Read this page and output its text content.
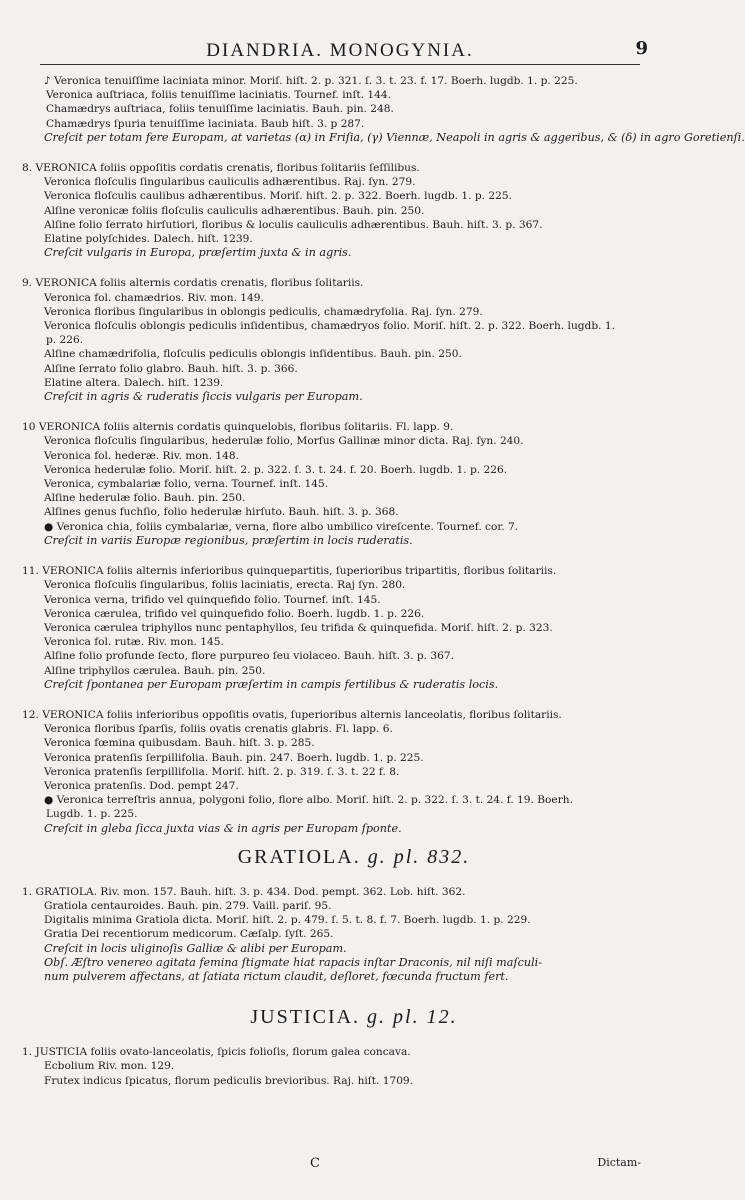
DIANDRIA. MONOGYNIA.	9
♪ Veronica tenuiſſime laciniata minor. Moriſ. hiſt. 2. p. 321. ſ. 3. t. 23. f. 17. Boerh. lugdb. 1. p. 225.
Veronica auſtriaca, foliis tenuiſſime laciniatis. Tournef. inſt. 144.
Chamædrys auſtriaca, foliis tenuiſſime laciniatis. Bauh. pin. 248.
Chamædrys ſpuria tenuiſſime laciniata. Baub hiſt. 3. p 287.
Creſcit per totam fere Europam, at varietas (α) in Friſia, (γ) Viennæ, Neapoli in agris & aggeribus, & (δ) in agro Goretienſi.
8. VERONICA foliis oppoſitis cordatis crenatis, floribus ſolitariis ſeſſilibus.
Veronica floſculis ſingularibus cauliculis adhærentibus. Raj. ſyn. 279.
Veronica floſculis caulibus adhærentibus. Moriſ. hiſt. 2. p. 322. Boerh. lugdb. 1. p. 225.
Alſine veronicæ foliis floſculis cauliculis adhærentibus. Bauh. pin. 250.
Alſine folio ſerrato hirſutiori, floribus & loculis cauliculis adhærentibus. Bauh. hiſt. 3. p. 367.
Elatine polyſchides. Dalech. hiſt. 1239.
Creſcit vulgaris in Europa, præſertim juxta & in agris.
9. VERONICA foliis alternis cordatis crenatis, floribus ſolitariis.
Veronica fol. chamædrios. Riv. mon. 149.
Veronica floribus ſingularibus in oblongis pediculis, chamædryfolia. Raj. ſyn. 279.
Veronica floſculis oblongis pediculis inſidentibus, chamædryos folio. Moriſ. hiſt. 2. p. 322. Boerh. lugdb. 1.
p. 226.
Alſine chamædrifolia, floſculis pediculis oblongis inſidentibus. Bauh. pin. 250.
Alſine ſerrato folio glabro. Bauh. hiſt. 3. p. 366.
Elatine altera. Dalech. hiſt. 1239.
Creſcit in agris & ruderatis ſiccis vulgaris per Europam.
10 VERONICA foliis alternis cordatis quinquelobis, floribus ſolitariis. Fl. lapp. 9.
Veronica floſculis ſingularibus, hederulæ folio, Morſus Gallinæ minor dicta. Raj. ſyn. 240.
Veronica fol. hederæ. Riv. mon. 148.
Veronica hederulæ folio. Moriſ. hiſt. 2. p. 322. ſ. 3. t. 24. f. 20. Boerh. lugdb. 1. p. 226.
Veronica, cymbalariæ folio, verna. Tournef. inſt. 145.
Alſine hederulæ folio. Bauh. pin. 250.
Alſines genus fuchſio, folio hederulæ hirſuto. Bauh. hiſt. 3. p. 368.
● Veronica chia, foliis cymbalariæ, verna, flore albo umbilico vireſcente. Tournef. cor. 7.
Creſcit in variis Europæ regionibus, præſertim in locis ruderatis.
11. VERONICA foliis alternis inferioribus quinquepartitis, ſuperioribus tripartitis, floribus ſolitariis.
Veronica floſculis ſingularibus, foliis laciniatis, erecta. Raj ſyn. 280.
Veronica verna, trifido vel quinquefido folio. Tournef. inſt. 145.
Veronica cærulea, trifido vel quinquefido folio. Boerh. lugdb. 1. p. 226.
Veronica cærulea triphyllos nunc pentaphyllos, ſeu trifida & quinquefida. Moriſ. hiſt. 2. p. 323.
Veronica fol. rutæ. Riv. mon. 145.
Alſine folio profunde ſecto, flore purpureo ſeu violaceo. Bauh. hiſt. 3. p. 367.
Alſine triphyllos cærulea. Bauh. pin. 250.
Creſcit ſpontanea per Europam præſertim in campis fertilibus & ruderatis locis.
12. VERONICA foliis inferioribus oppoſitis ovatis, ſuperioribus alternis lanceolatis, floribus ſolitariis.
Veronica floribus ſparſis, foliis ovatis crenatis glabris. Fl. lapp. 6.
Veronica fœmina quibusdam. Bauh. hiſt. 3. p. 285.
Veronica pratenſis ſerpillifolia. Bauh. pin. 247. Boerh. lugdb. 1. p. 225.
Veronica pratenſis ſerpillifolia. Moriſ. hiſt. 2. p. 319. ſ. 3. t. 22 f. 8.
Veronica pratenſis. Dod. pempt 247.
● Veronica terreſtris annua, polygoni folio, flore albo. Moriſ. hiſt. 2. p. 322. ſ. 3. t. 24. f. 19. Boerh.
Lugdb. 1. p. 225.
Creſcit in gleba ſicca juxta vias & in agris per Europam ſponte.
GRATIOLA. g. pl. 832.
1. GRATIOLA. Riv. mon. 157. Bauh. hiſt. 3. p. 434. Dod. pempt. 362. Lob. hiſt. 362.
Gratiola centauroides. Bauh. pin. 279. Vaill. pariſ. 95.
Digitalis minima Gratiola dicta. Moriſ. hiſt. 2. p. 479. ſ. 5. t. 8. f. 7. Boerh. lugdb. 1. p. 229.
Gratia Dei recentiorum medicorum. Cæſalp. ſyſt. 265.
Creſcit in locis uliginoſis Galliæ & alibi per Europam.
Obſ. Æſtro venereo agitata femina ſtigmate hiat rapacis inſtar Draconis, nil niſi maſculi-
num pulverem affectans, at ſatiata rictum claudit, deſloret, fœcunda fructum fert.
JUSTICIA. g. pl. 12.
1. JUSTICIA foliis ovato-lanceolatis, ſpicis folioſis, florum galea concava.
Ecbolium Riv. mon. 129.
Frutex indicus ſpicatus, florum pediculis brevioribus. Raj. hiſt. 1709.
C	Dictam-
